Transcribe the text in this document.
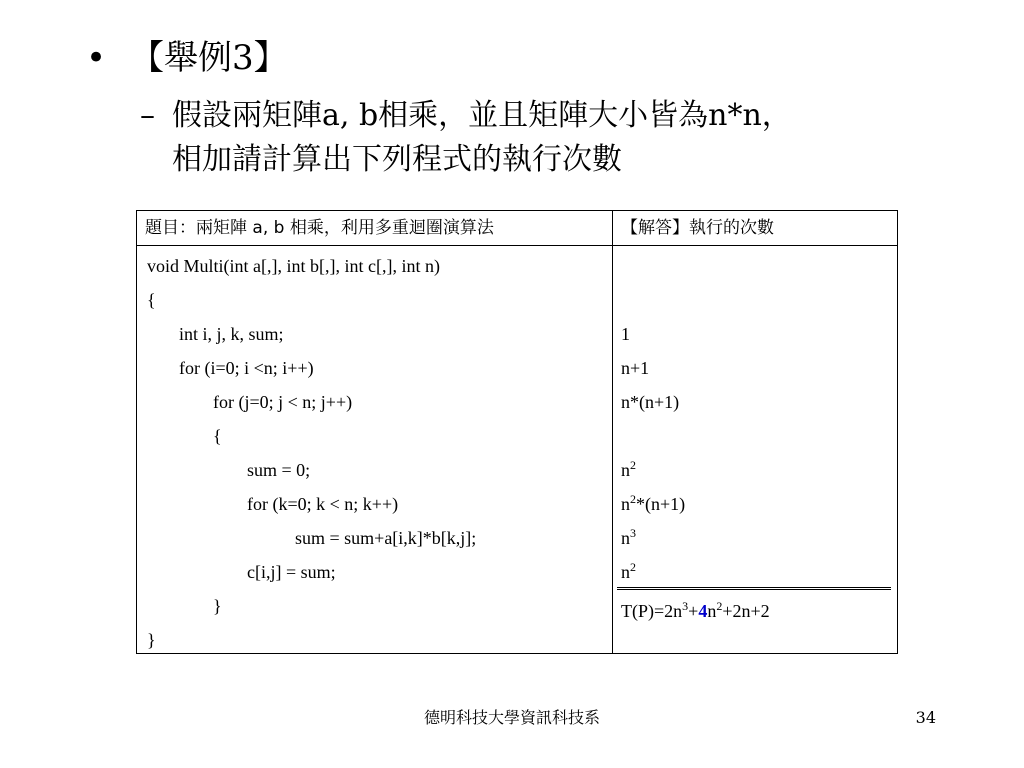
• 【舉例3】
– 假設兩矩陣a, b相乘，並且矩陣大小皆為n*n，
相加請計算出下列程式的執行次數
題目：兩矩陣 a, b 相乘，利用多重迴圈演算法	【解答】執行的次數
void Multi(int a[,], int b[,], int c[,], int n)
{
int i, j, k, sum;
for (i=0; i <n; i++)
for (j=0; j < n; j++)
{
sum = 0;
for (k=0; k < n; k++)
sum = sum+a[i,k]*b[k,j];
c[i,j] = sum;
}
}
1
n+1
n*(n+1)
$n^2$
$n^2*(n+1)$
$n^3$
$n^2$
$T(P)=2n^3+4n^2+2n+2$
德明科技大學資訊科技系	34
